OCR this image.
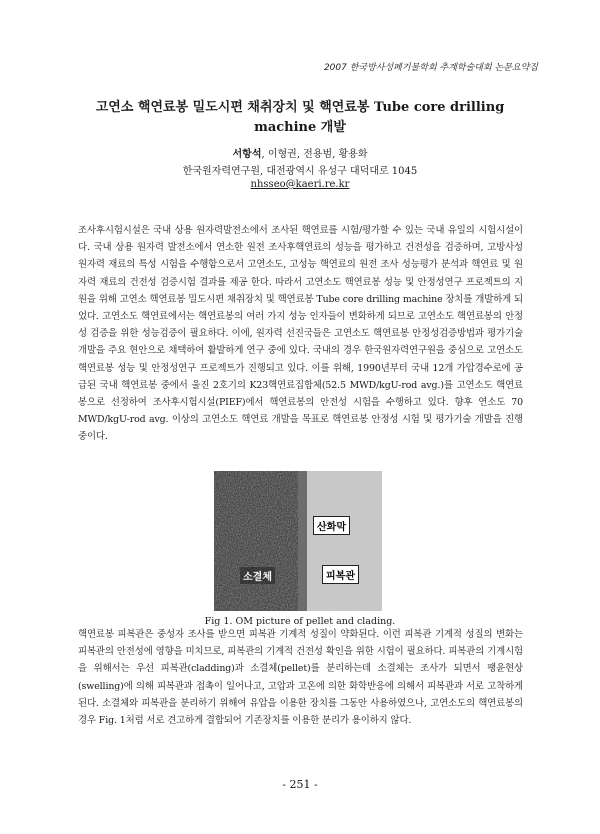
2007 한국방사성폐기물학회 추계학술대회 논문요약집
고연소 핵연료봉 밀도시편 채취장치 및 핵연료봉 Tube core drilling machine 개발
서항석, 이형권, 전용범, 황용화
한국원자력연구원, 대전광역시 유성구 대덕대로 1045
nhsseo@kaeri.re.kr
조사후시험시설은 국내 상용 원자력발전소에서 조사된 핵연료를 시험/평가할 수 있는 국내 유일의 시험시설이다. 국내 상용 원자력 발전소에서 연소한 원전 조사후핵연료의 성능을 평가하고 건전성을 검증하며, 고방사성 원자력 재료의 특성 시험을 수행함으로서 고연소도, 고성능 핵연료의 원전 조사 성능평가 분석과 핵연료 및 원자력 재료의 건전성 검증시험 결과를 제공 한다. 따라서 고연소도 핵연료봉 성능 및 안정성연구 프로젝트의 지원을 위해 고연소 핵연료봉 밀도시편 채취장치 및 핵연료봉 Tube core drilling machine 장치를 개발하게 되었다. 고연소도 핵연료에서는 핵연료봉의 여러 가지 성능 인자들이 변화하게 되므로 고연소도 핵연료봉의 안정성 검증을 위한 성능검증이 필요하다. 이에, 원자력 선진국들은 고연소도 핵연료봉 안정성검증방법과 평가기술개발을 주요 현안으로 채택하여 활발하게 연구 중에 있다. 국내의 경우 한국원자력연구원을 중심으로 고연소도 핵연료봉 성능 및 안정성연구 프로젝트가 진행되고 있다. 이를 위해, 1990년부터 국내 12개 가압경수로에 공급된 국내 핵연료봉 중에서 울진 2호기의 K23핵연료집합체(52.5 MWD/kgU-rod avg.)를 고연소도 핵연료봉으로 선정하여 조사후시험시설(PIEF)에서 핵연료봉의 안전성 시험을 수행하고 있다. 향후 연소도 70 MWD/kgU-rod avg. 이상의 고연소도 핵연료 개발을 목표로 핵연료봉 안정성 시험 및 평가기술 개발을 진행중이다.
산화막
피복관
소결체
Fig 1. OM picture of pellet and clading.
핵연료봉 피복관은 중성자 조사를 받으면 피복관 기계적 성질이 약화된다. 이런 피복관 기계적 성질의 변화는 피복관의 안전성에 영향을 미치므로, 피복관의 기계적 건전성 확인을 위한 시험이 필요하다. 피복관의 기계시험을 위해서는 우선 피복관(cladding)과 소결체(pellet)를 분리하는데 소결체는 조사가 되면서 팽윤현상(swelling)에 의해 피복관과 접촉이 일어나고, 고압과 고온에 의한 화학반응에 의해서 피복관과 서로 고착하게 된다. 소결체와 피복관을 분리하기 위해여 유압을 이용한 장치를 그동안 사용하였으나, 고연소도의 핵연료봉의 경우 Fig. 1처럼 서로 견고하게 결합되어 기존장치를 이용한 분리가 용이하지 않다.
- 251 -
